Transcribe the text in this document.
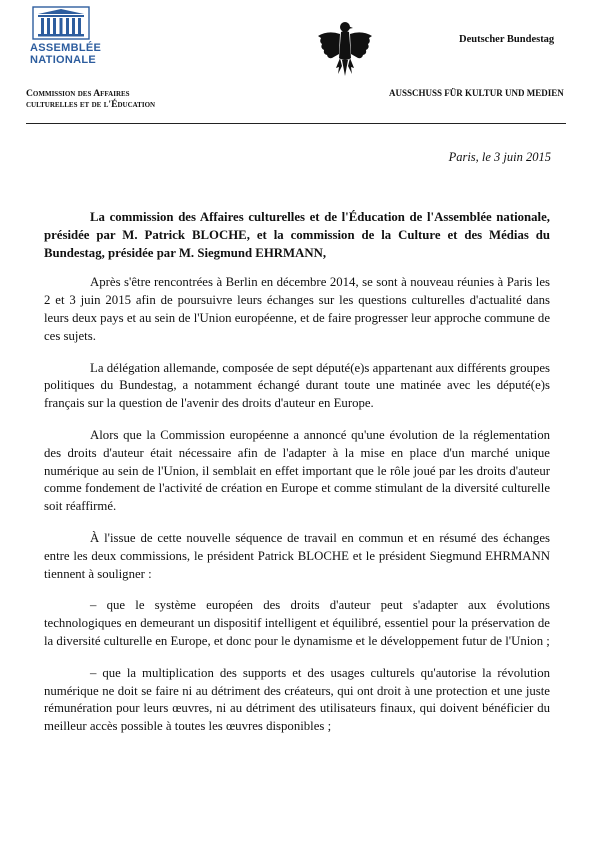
ASSEMBLÉE
NATIONALE
Commission des Affaires
culturelles et de l'Éducation
Deutscher Bundestag
AUSSCHUSS FÜR KULTUR UND MEDIEN
Paris, le 3 juin 2015

La commission des Affaires culturelles et de l'Éducation de l'Assemblée nationale, présidée par M. Patrick BLOCHE, et la commission de la Culture et des Médias du Bundestag, présidée par M. Siegmund EHRMANN,

Après s'être rencontrées à Berlin en décembre 2014, se sont à nouveau réunies à Paris les 2 et 3 juin 2015 afin de poursuivre leurs échanges sur les questions culturelles d'actualité dans leurs deux pays et au sein de l'Union européenne, et de faire progresser leur approche commune de ces sujets.

La délégation allemande, composée de sept député(e)s appartenant aux différents groupes politiques du Bundestag, a notamment échangé durant toute une matinée avec les député(e)s français sur la question de l'avenir des droits d'auteur en Europe.

Alors que la Commission européenne a annoncé qu'une évolution de la réglementation des droits d'auteur était nécessaire afin de l'adapter à la mise en place d'un marché unique numérique au sein de l'Union, il semblait en effet important que le rôle joué par les droits d'auteur comme fondement de l'activité de création en Europe et comme stimulant de la diversité culturelle soit réaffirmé.

À l'issue de cette nouvelle séquence de travail en commun et en résumé des échanges entre les deux commissions, le président Patrick BLOCHE et le président Siegmund EHRMANN tiennent à souligner :

– que le système européen des droits d'auteur peut s'adapter aux évolutions technologiques en demeurant un dispositif intelligent et équilibré, essentiel pour la préservation de la diversité culturelle en Europe, et donc pour le dynamisme et le développement futur de l'Union ;

– que la multiplication des supports et des usages culturels qu'autorise la révolution numérique ne doit se faire ni au détriment des créateurs, qui ont droit à une protection et une juste rémunération pour leurs œuvres, ni au détriment des utilisateurs finaux, qui doivent bénéficier du meilleur accès possible à toutes les œuvres disponibles ;
